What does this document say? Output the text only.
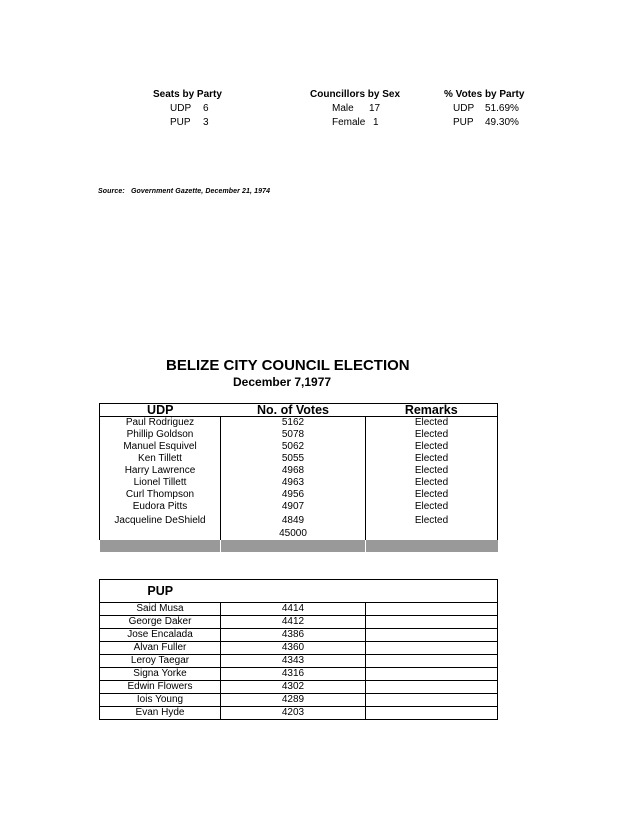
Seats by Party
UDP 6
PUP 3
Councillors by Sex
Male 17
Female 1
% Votes by Party
UDP 51.69%
PUP 49.30%
Source: Government Gazette, December 21, 1974
BELIZE CITY COUNCIL ELECTION
December 7,1977
UDP	No. of Votes	Remarks
Paul Rodriguez	5162	Elected
Phillip Goldson	5078	Elected
Manuel Esquivel	5062	Elected
Ken Tillett	5055	Elected
Harry Lawrence	4968	Elected
Lionel Tillett	4963	Elected
Curl Thompson	4956	Elected
Eudora Pitts	4907	Elected
Jacqueline DeShield	4849	Elected
	45000	

PUP		
Said Musa	4414	
George Daker	4412	
Jose Encalada	4386	
Alvan Fuller	4360	
Leroy Taegar	4343	
Signa Yorke	4316	
Edwin Flowers	4302	
Iois Young	4289	
Evan Hyde	4203	
